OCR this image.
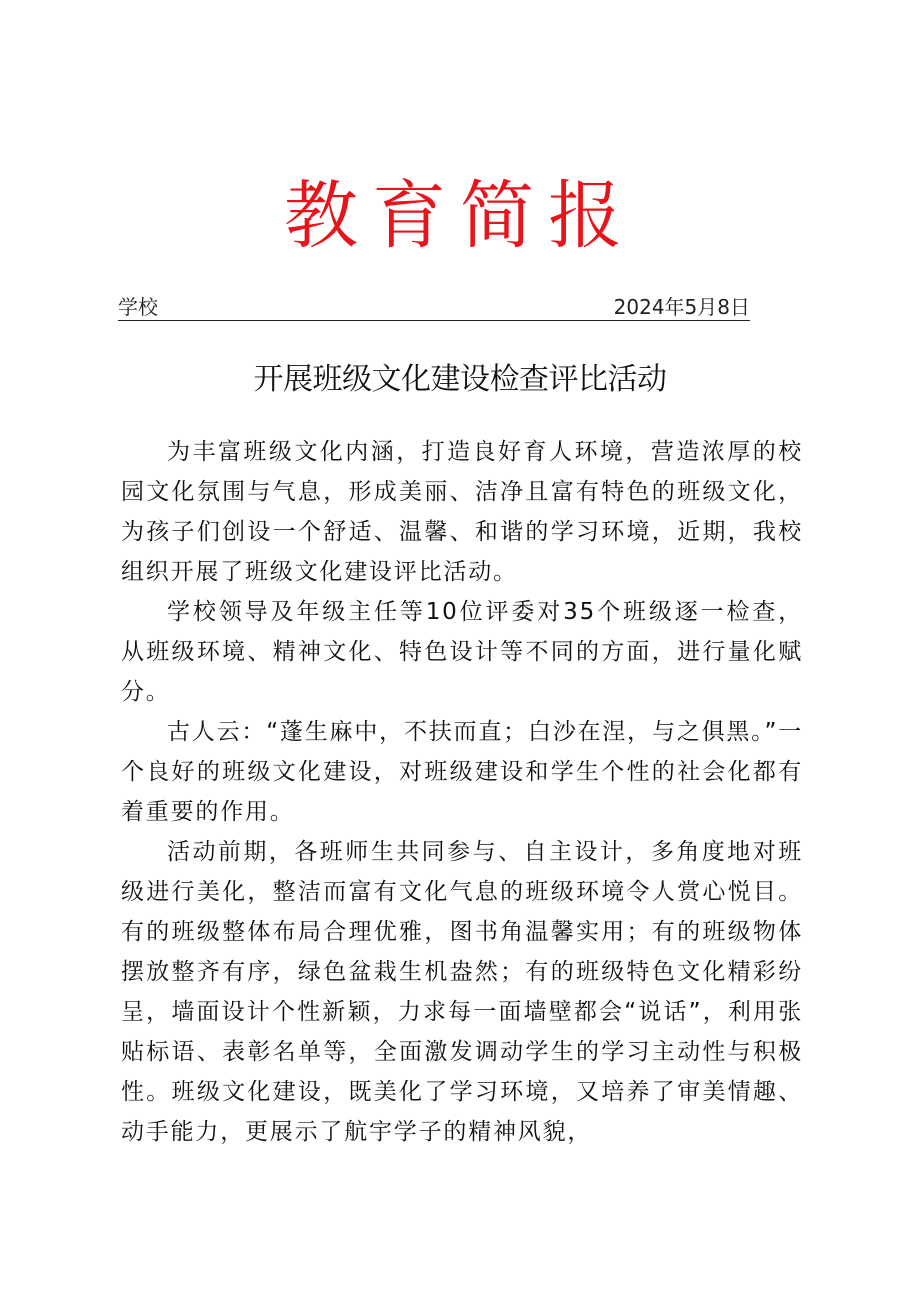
教育简报
学校	2024年5月8日
开展班级文化建设检查评比活动

为丰富班级文化内涵，打造良好育人环境，营造浓厚的校园文化氛围与气息，形成美丽、洁净且富有特色的班级文化，为孩子们创设一个舒适、温馨、和谐的学习环境，近期，我校组织开展了班级文化建设评比活动。

学校领导及年级主任等10位评委对35个班级逐一检查，从班级环境、精神文化、特色设计等不同的方面，进行量化赋分。

古人云：“蓬生麻中，不扶而直；白沙在涅，与之俱黑。”一个良好的班级文化建设，对班级建设和学生个性的社会化都有着重要的作用。

活动前期，各班师生共同参与、自主设计，多角度地对班级进行美化，整洁而富有文化气息的班级环境令人赏心悦目。有的班级整体布局合理优雅，图书角温馨实用；有的班级物体摆放整齐有序，绿色盆栽生机盎然；有的班级特色文化精彩纷呈，墙面设计个性新颖，力求每一面墙壁都会“说话”，利用张贴标语、表彰名单等，全面激发调动学生的学习主动性与积极性。班级文化建设，既美化了学习环境，又培养了审美情趣、动手能力，更展示了航宇学子的精神风貌，
